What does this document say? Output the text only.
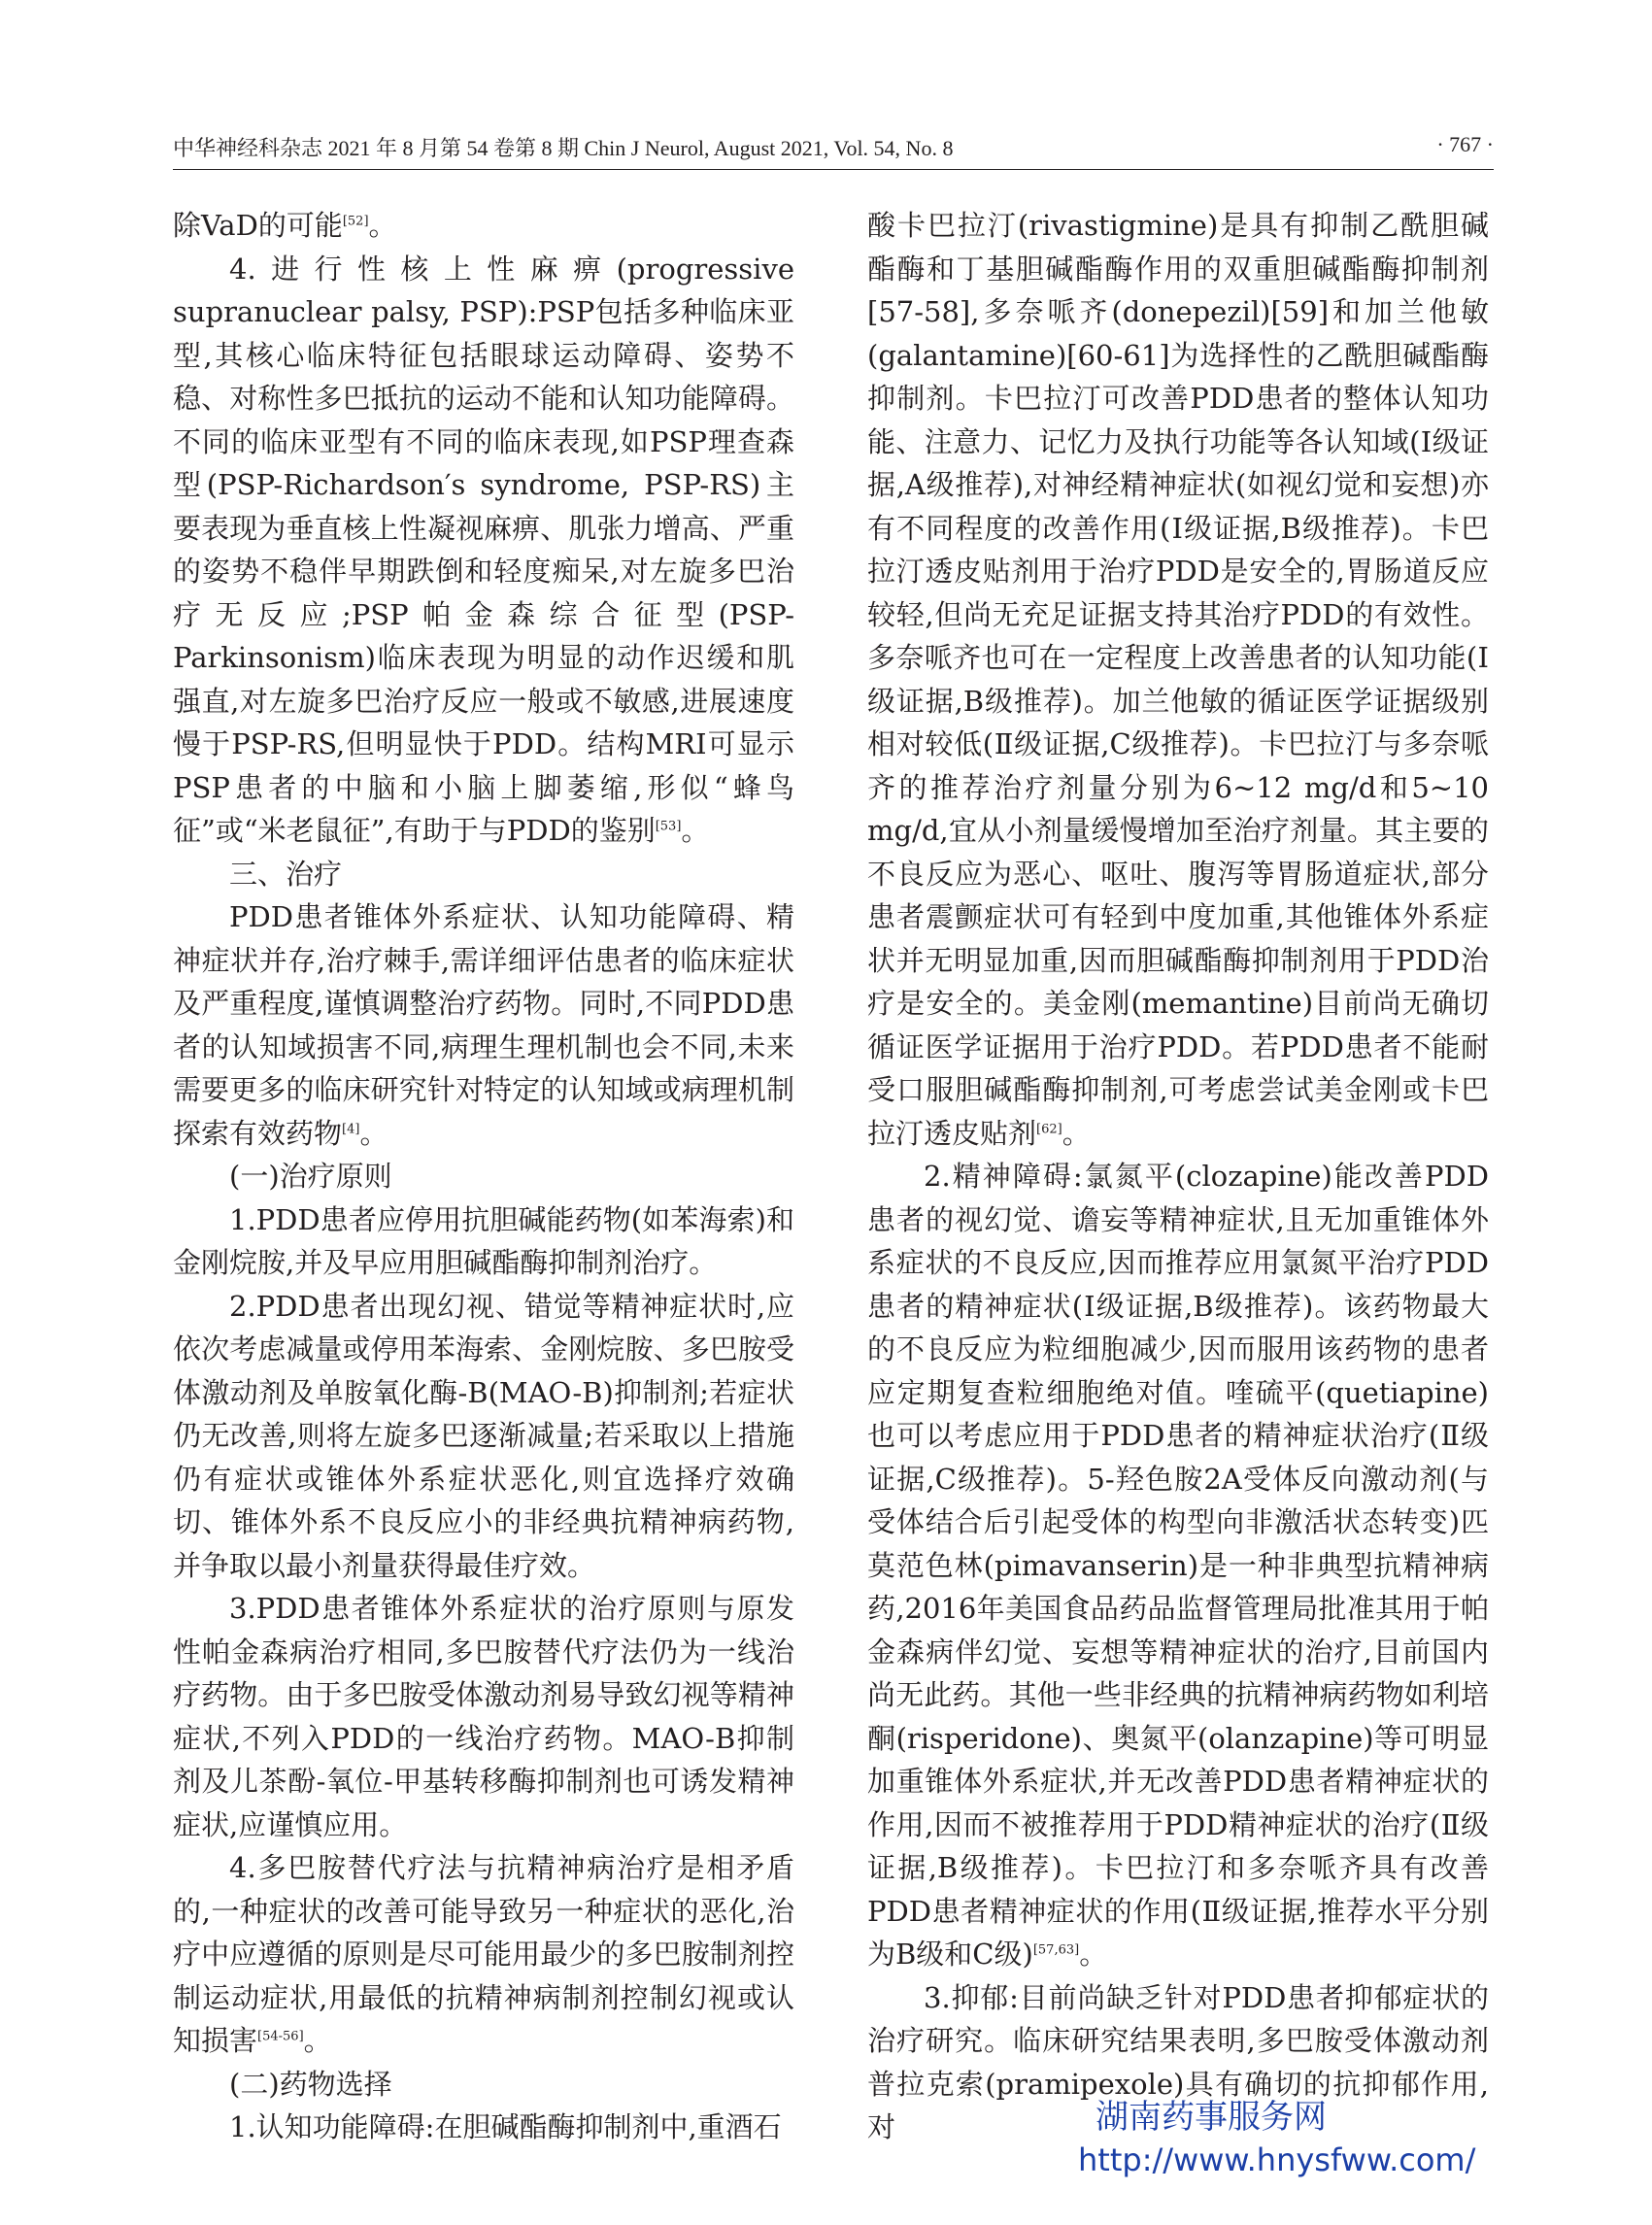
中华神经科杂志 2021 年 8 月第 54 卷第 8 期 Chin J Neurol, August 2021, Vol. 54, No. 8	· 767 ·

除VaD的可能[52]。

4.进行性核上性麻痹(progressive supranuclear palsy, PSP):PSP包括多种临床亚型,其核心临床特征包括眼球运动障碍、姿势不稳、对称性多巴抵抗的运动不能和认知功能障碍。不同的临床亚型有不同的临床表现,如PSP理查森型(PSP-Richardson′s syndrome, PSP-RS)主要表现为垂直核上性凝视麻痹、肌张力增高、严重的姿势不稳伴早期跌倒和轻度痴呆,对左旋多巴治疗无反应;PSP帕金森综合征型(PSP-Parkinsonism)临床表现为明显的动作迟缓和肌强直,对左旋多巴治疗反应一般或不敏感,进展速度慢于PSP-RS,但明显快于PDD。结构MRI可显示PSP患者的中脑和小脑上脚萎缩,形似“蜂鸟征”或“米老鼠征”,有助于与PDD的鉴别[53]。

三、治疗

PDD患者锥体外系症状、认知功能障碍、精神症状并存,治疗棘手,需详细评估患者的临床症状及严重程度,谨慎调整治疗药物。同时,不同PDD患者的认知域损害不同,病理生理机制也会不同,未来需要更多的临床研究针对特定的认知域或病理机制探索有效药物[4]。

(一)治疗原则

1.PDD患者应停用抗胆碱能药物(如苯海索)和金刚烷胺,并及早应用胆碱酯酶抑制剂治疗。

2.PDD患者出现幻视、错觉等精神症状时,应依次考虑减量或停用苯海索、金刚烷胺、多巴胺受体激动剂及单胺氧化酶-B(MAO-B)抑制剂;若症状仍无改善,则将左旋多巴逐渐减量;若采取以上措施仍有症状或锥体外系症状恶化,则宜选择疗效确切、锥体外系不良反应小的非经典抗精神病药物,并争取以最小剂量获得最佳疗效。

3.PDD患者锥体外系症状的治疗原则与原发性帕金森病治疗相同,多巴胺替代疗法仍为一线治疗药物。由于多巴胺受体激动剂易导致幻视等精神症状,不列入PDD的一线治疗药物。MAO-B抑制剂及儿茶酚-氧位-甲基转移酶抑制剂也可诱发精神症状,应谨慎应用。

4.多巴胺替代疗法与抗精神病治疗是相矛盾的,一种症状的改善可能导致另一种症状的恶化,治疗中应遵循的原则是尽可能用最少的多巴胺制剂控制运动症状,用最低的抗精神病制剂控制幻视或认知损害[54-56]。

(二)药物选择

1.认知功能障碍:在胆碱酯酶抑制剂中,重酒石

酸卡巴拉汀(rivastigmine)是具有抑制乙酰胆碱酯酶和丁基胆碱酯酶作用的双重胆碱酯酶抑制剂[57-58],多奈哌齐(donepezil)[59]和加兰他敏(galantamine)[60-61]为选择性的乙酰胆碱酯酶抑制剂。卡巴拉汀可改善PDD患者的整体认知功能、注意力、记忆力及执行功能等各认知域(Ⅰ级证据,A级推荐),对神经精神症状(如视幻觉和妄想)亦有不同程度的改善作用(Ⅰ级证据,B级推荐)。卡巴拉汀透皮贴剂用于治疗PDD是安全的,胃肠道反应较轻,但尚无充足证据支持其治疗PDD的有效性。多奈哌齐也可在一定程度上改善患者的认知功能(Ⅰ级证据,B级推荐)。加兰他敏的循证医学证据级别相对较低(Ⅱ级证据,C级推荐)。卡巴拉汀与多奈哌齐的推荐治疗剂量分别为6~12 mg/d和5~10 mg/d,宜从小剂量缓慢增加至治疗剂量。其主要的不良反应为恶心、呕吐、腹泻等胃肠道症状,部分患者震颤症状可有轻到中度加重,其他锥体外系症状并无明显加重,因而胆碱酯酶抑制剂用于PDD治疗是安全的。美金刚(memantine)目前尚无确切循证医学证据用于治疗PDD。若PDD患者不能耐受口服胆碱酯酶抑制剂,可考虑尝试美金刚或卡巴拉汀透皮贴剂[62]。

2.精神障碍:氯氮平(clozapine)能改善PDD患者的视幻觉、谵妄等精神症状,且无加重锥体外系症状的不良反应,因而推荐应用氯氮平治疗PDD患者的精神症状(Ⅰ级证据,B级推荐)。该药物最大的不良反应为粒细胞减少,因而服用该药物的患者应定期复查粒细胞绝对值。喹硫平(quetiapine)也可以考虑应用于PDD患者的精神症状治疗(Ⅱ级证据,C级推荐)。5-羟色胺2A受体反向激动剂(与受体结合后引起受体的构型向非激活状态转变)匹莫范色林(pimavanserin)是一种非典型抗精神病药,2016年美国食品药品监督管理局批准其用于帕金森病伴幻觉、妄想等精神症状的治疗,目前国内尚无此药。其他一些非经典的抗精神病药物如利培酮(risperidone)、奥氮平(olanzapine)等可明显加重锥体外系症状,并无改善PDD患者精神症状的作用,因而不被推荐用于PDD精神症状的治疗(Ⅱ级证据,B级推荐)。卡巴拉汀和多奈哌齐具有改善PDD患者精神症状的作用(Ⅱ级证据,推荐水平分别为B级和C级)[57,63]。

3.抑郁:目前尚缺乏针对PDD患者抑郁症状的治疗研究。临床研究结果表明,多巴胺受体激动剂普拉克索(pramipexole)具有确切的抗抑郁作用,对	湖南药事服务网
http://www.hnysfww.com/
